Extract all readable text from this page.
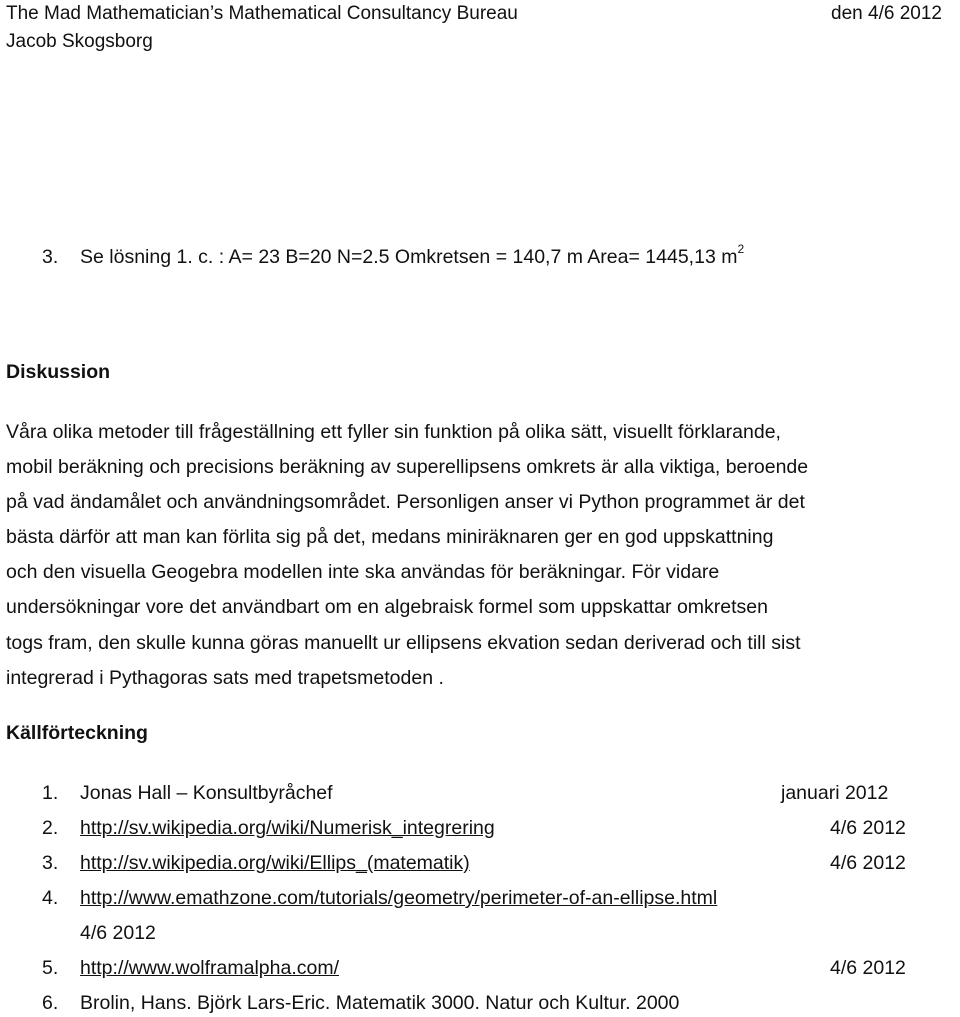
The Mad Mathematician’s Mathematical Consultancy Bureau	den 4/6 2012
Jacob Skogsborg
3. Se lösning 1. c. : A= 23 B=20 N=2.5 Omkretsen = 140,7 m Area= 1445,13 $m^2$
Diskussion
Våra olika metoder till frågeställning ett fyller sin funktion på olika sätt, visuellt förklarande,
mobil beräkning och precisions beräkning av superellipsens omkrets är alla viktiga, beroende
på vad ändamålet och användningsområdet. Personligen anser vi Python programmet är det
bästa därför att man kan förlita sig på det, medans miniräknaren ger en god uppskattning
och den visuella Geogebra modellen inte ska användas för beräkningar. För vidare
undersökningar vore det användbart om en algebraisk formel som uppskattar omkretsen
togs fram, den skulle kunna göras manuellt ur ellipsens ekvation sedan deriverad och till sist
integrerad i Pythagoras sats med trapetsmetoden .
Källförteckning
1. Jonas Hall – Konsultbyråchef	januari 2012
2. http://sv.wikipedia.org/wiki/Numerisk_integrering	4/6 2012
3. http://sv.wikipedia.org/wiki/Ellips_(matematik)	4/6 2012
4. http://www.emathzone.com/tutorials/geometry/perimeter-of-an-ellipse.html
4/6 2012
5. http://www.wolframalpha.com/	4/6 2012
6. Brolin, Hans. Björk Lars-Eric. Matematik 3000. Natur och Kultur. 2000
